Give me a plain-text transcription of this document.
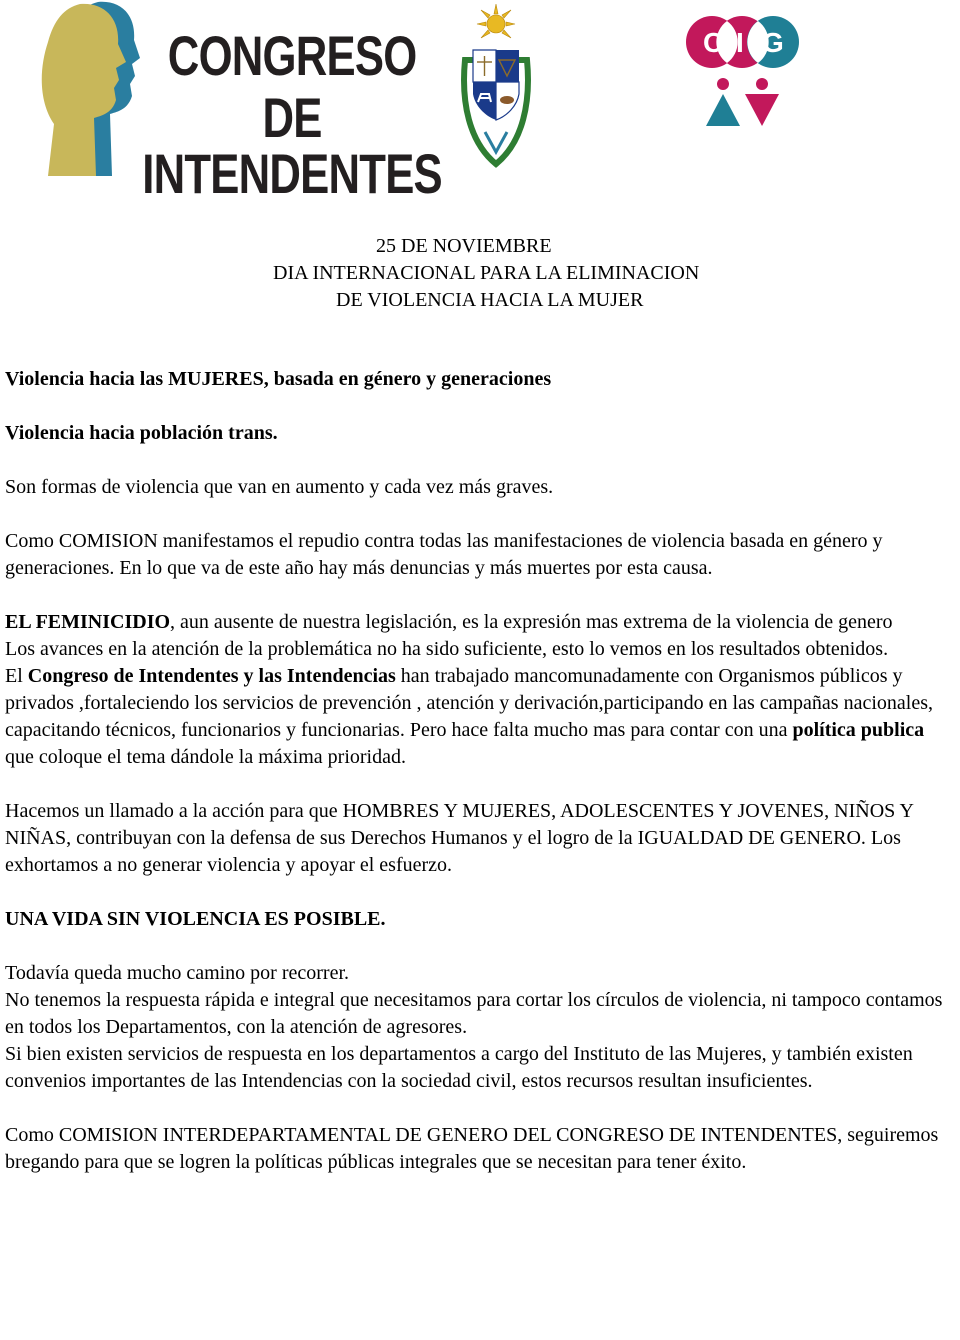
CONGRESO
DE INTENDENTES
C I G
25 DE NOVIEMBRE
DIA INTERNACIONAL PARA LA ELIMINACION
DE VIOLENCIA HACIA LA MUJER

Violencia hacia las MUJERES, basada en género y generaciones

Violencia hacia población trans.

Son formas de violencia que van en aumento y cada vez más graves.

Como COMISION manifestamos el repudio contra todas las manifestaciones de violencia basada en género y generaciones. En lo que va de este año hay más denuncias y más muertes por esta causa.

EL FEMINICIDIO, aun ausente de nuestra legislación, es la expresión mas extrema de la violencia de genero

Los avances en la atención de la problemática no ha sido suficiente, esto lo vemos en los resultados obtenidos.

El Congreso de Intendentes y las Intendencias han trabajado mancomunadamente con Organismos públicos y privados ,fortaleciendo los servicios de prevención , atención y derivación,participando en las campañas nacionales, capacitando técnicos, funcionarios y funcionarias. Pero hace falta mucho mas para contar con una política publica que coloque el tema dándole la máxima prioridad.

Hacemos un llamado a la acción para que HOMBRES Y MUJERES, ADOLESCENTES Y JOVENES, NIÑOS Y NIÑAS, contribuyan con la defensa de sus Derechos Humanos y el logro de la IGUALDAD DE GENERO. Los exhortamos a no generar violencia y apoyar el esfuerzo.

UNA VIDA SIN VIOLENCIA ES POSIBLE.

Todavía queda mucho camino por recorrer.

No tenemos la respuesta rápida e integral que necesitamos para cortar los círculos de violencia, ni tampoco contamos en todos los Departamentos, con la atención de agresores.

Si bien existen servicios de respuesta en los departamentos a cargo del Instituto de las Mujeres, y también existen convenios importantes de las Intendencias con la sociedad civil, estos recursos resultan insuficientes.

Como COMISION INTERDEPARTAMENTAL DE GENERO DEL CONGRESO DE INTENDENTES, seguiremos bregando para que se logren la políticas públicas integrales que se necesitan para tener éxito.
